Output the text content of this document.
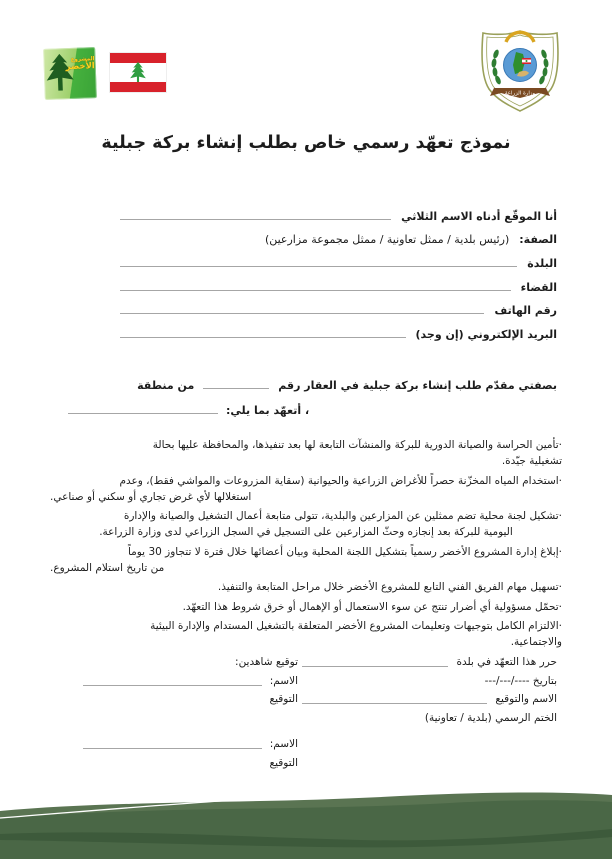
المشروع
الأخضر
وزارة الزراعة
نموذج تعهّد رسمي خاص بطلب إنشاء بركة جبلية
أنا الموقّع أدناه الاسم الثلاثي
الصفة:
(رئيس بلدية / ممثل تعاونية / ممثل مجموعة مزارعين)
البلدة
القضاء
رقم الهاتف
البريد الإلكتروني (إن وجد)
بصفتي مقدّم طلب إنشاء بركة جبلية في العقار رقم
من منطقة
، أتعهّد بما يلي:
·تأمين الحراسة والصيانة الدورية للبركة والمنشآت التابعة لها بعد تنفيذها، والمحافظة عليها بحالة
تشغيلية جيّدة.
·استخدام المياه المخزّنة حصراً للأغراض الزراعية والحيوانية (سقاية المزروعات والمواشي فقط)، وعدم
استغلالها لأي غرض تجاري أو سكني أو صناعي.
·تشكيل لجنة محلية تضم ممثلين عن المزارعين والبلدية، تتولى متابعة أعمال التشغيل والصيانة والإدارة
اليومية للبركة بعد إنجازه وحثّ المزارعين على التسجيل في السجل الزراعي لدى وزارة الزراعة.
·إبلاغ إدارة المشروع الأخضر رسمياً بتشكيل اللجنة المحلية وبيان أعضائها خلال فترة لا تتجاوز 30 يوماً
من تاريخ استلام المشروع.
·تسهيل مهام الفريق الفني التابع للمشروع الأخضر خلال مراحل المتابعة والتنفيذ.
·تحمّل مسؤولية أي أضرار تنتج عن سوء الاستعمال أو الإهمال أو خرق شروط هذا التعهّد.
·الالتزام الكامل بتوجيهات وتعليمات المشروع الأخضر المتعلقة بالتشغيل المستدام والإدارة البيئية
والاجتماعية.
حرر هذا التعهّد في بلدة
بتاريخ ----/---/---
الاسم والتوقيع
الختم الرسمي (بلدية / تعاونية)
توقيع شاهدين:
الاسم:
التوقيع
الاسم:
التوقيع
